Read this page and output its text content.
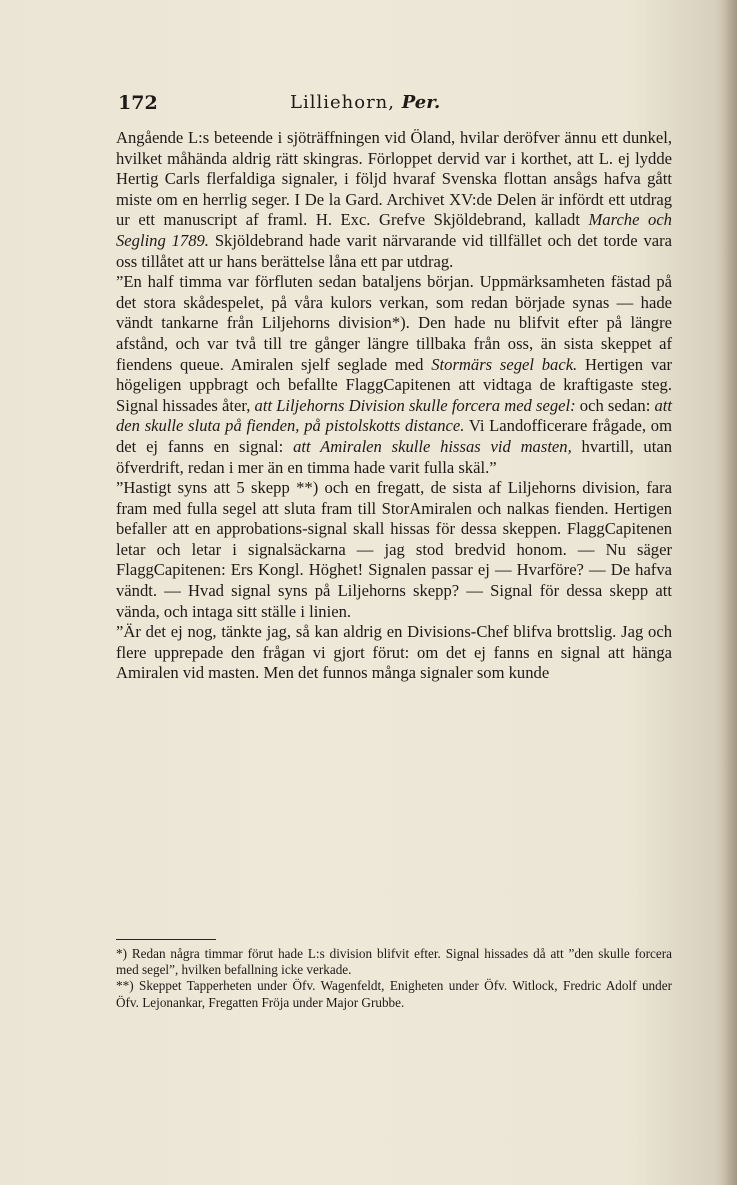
172	Lilliehorn, Per.

Angående L:s beteende i sjöträffningen vid Öland, hvilar deröfver ännu ett dunkel, hvilket måhända aldrig rätt skingras. Förloppet dervid var i korthet, att L. ej lydde Hertig Carls flerfaldiga signaler, i följd hvaraf Svenska flottan ansågs hafva gått miste om en herrlig seger. I De la Gard. Archivet XV:de Delen är infördt ett utdrag ur ett manuscript af framl. H. Exc. Grefve Skjöldebrand, kalladt Marche och Segling 1789. Skjöldebrand hade varit närvarande vid tillfället och det torde vara oss tillåtet att ur hans berättelse låna ett par utdrag.

”En half timma var förfluten sedan bataljens början. Uppmärksamheten fästad på det stora skådespelet, på våra kulors verkan, som redan började synas — hade vändt tankarne från Liljehorns division*). Den hade nu blifvit efter på längre afstånd, och var två till tre gånger längre tillbaka från oss, än sista skeppet af fiendens queue. Amiralen sjelf seglade med Stormärs segel back. Hertigen var högeligen uppbragt och befallte FlaggCapitenen att vidtaga de kraftigaste steg. Signal hissades åter, att Liljehorns Division skulle forcera med segel: och sedan: att den skulle sluta på fienden, på pistolskotts distance. Vi Landofficerare frågade, om det ej fanns en signal: att Amiralen skulle hissas vid masten, hvartill, utan öfverdrift, redan i mer än en timma hade varit fulla skäl.”

”Hastigt syns att 5 skepp **) och en fregatt, de sista af Liljehorns division, fara fram med fulla segel att sluta fram till StorAmiralen och nalkas fienden. Hertigen befaller att en approbations-signal skall hissas för dessa skeppen. FlaggCapitenen letar och letar i signalsäckarna — jag stod bredvid honom. — Nu säger FlaggCapitenen: Ers Kongl. Höghet! Signalen passar ej — Hvarföre? — De hafva vändt. — Hvad signal syns på Liljehorns skepp? — Signal för dessa skepp att vända, och intaga sitt ställe i linien.

”Är det ej nog, tänkte jag, så kan aldrig en Divisions-Chef blifva brottslig. Jag och flere upprepade den frågan vi gjort förut: om det ej fanns en signal att hänga Amiralen vid masten. Men det funnos många signaler som kunde

*) Redan några timmar förut hade L:s division blifvit efter. Signal hissades då att ”den skulle forcera med segel”, hvilken befallning icke verkade.

**) Skeppet Tapperheten under Öfv. Wagenfeldt, Enigheten under Öfv. Witlock, Fredric Adolf under Öfv. Lejonankar, Fregatten Fröja under Major Grubbe.
